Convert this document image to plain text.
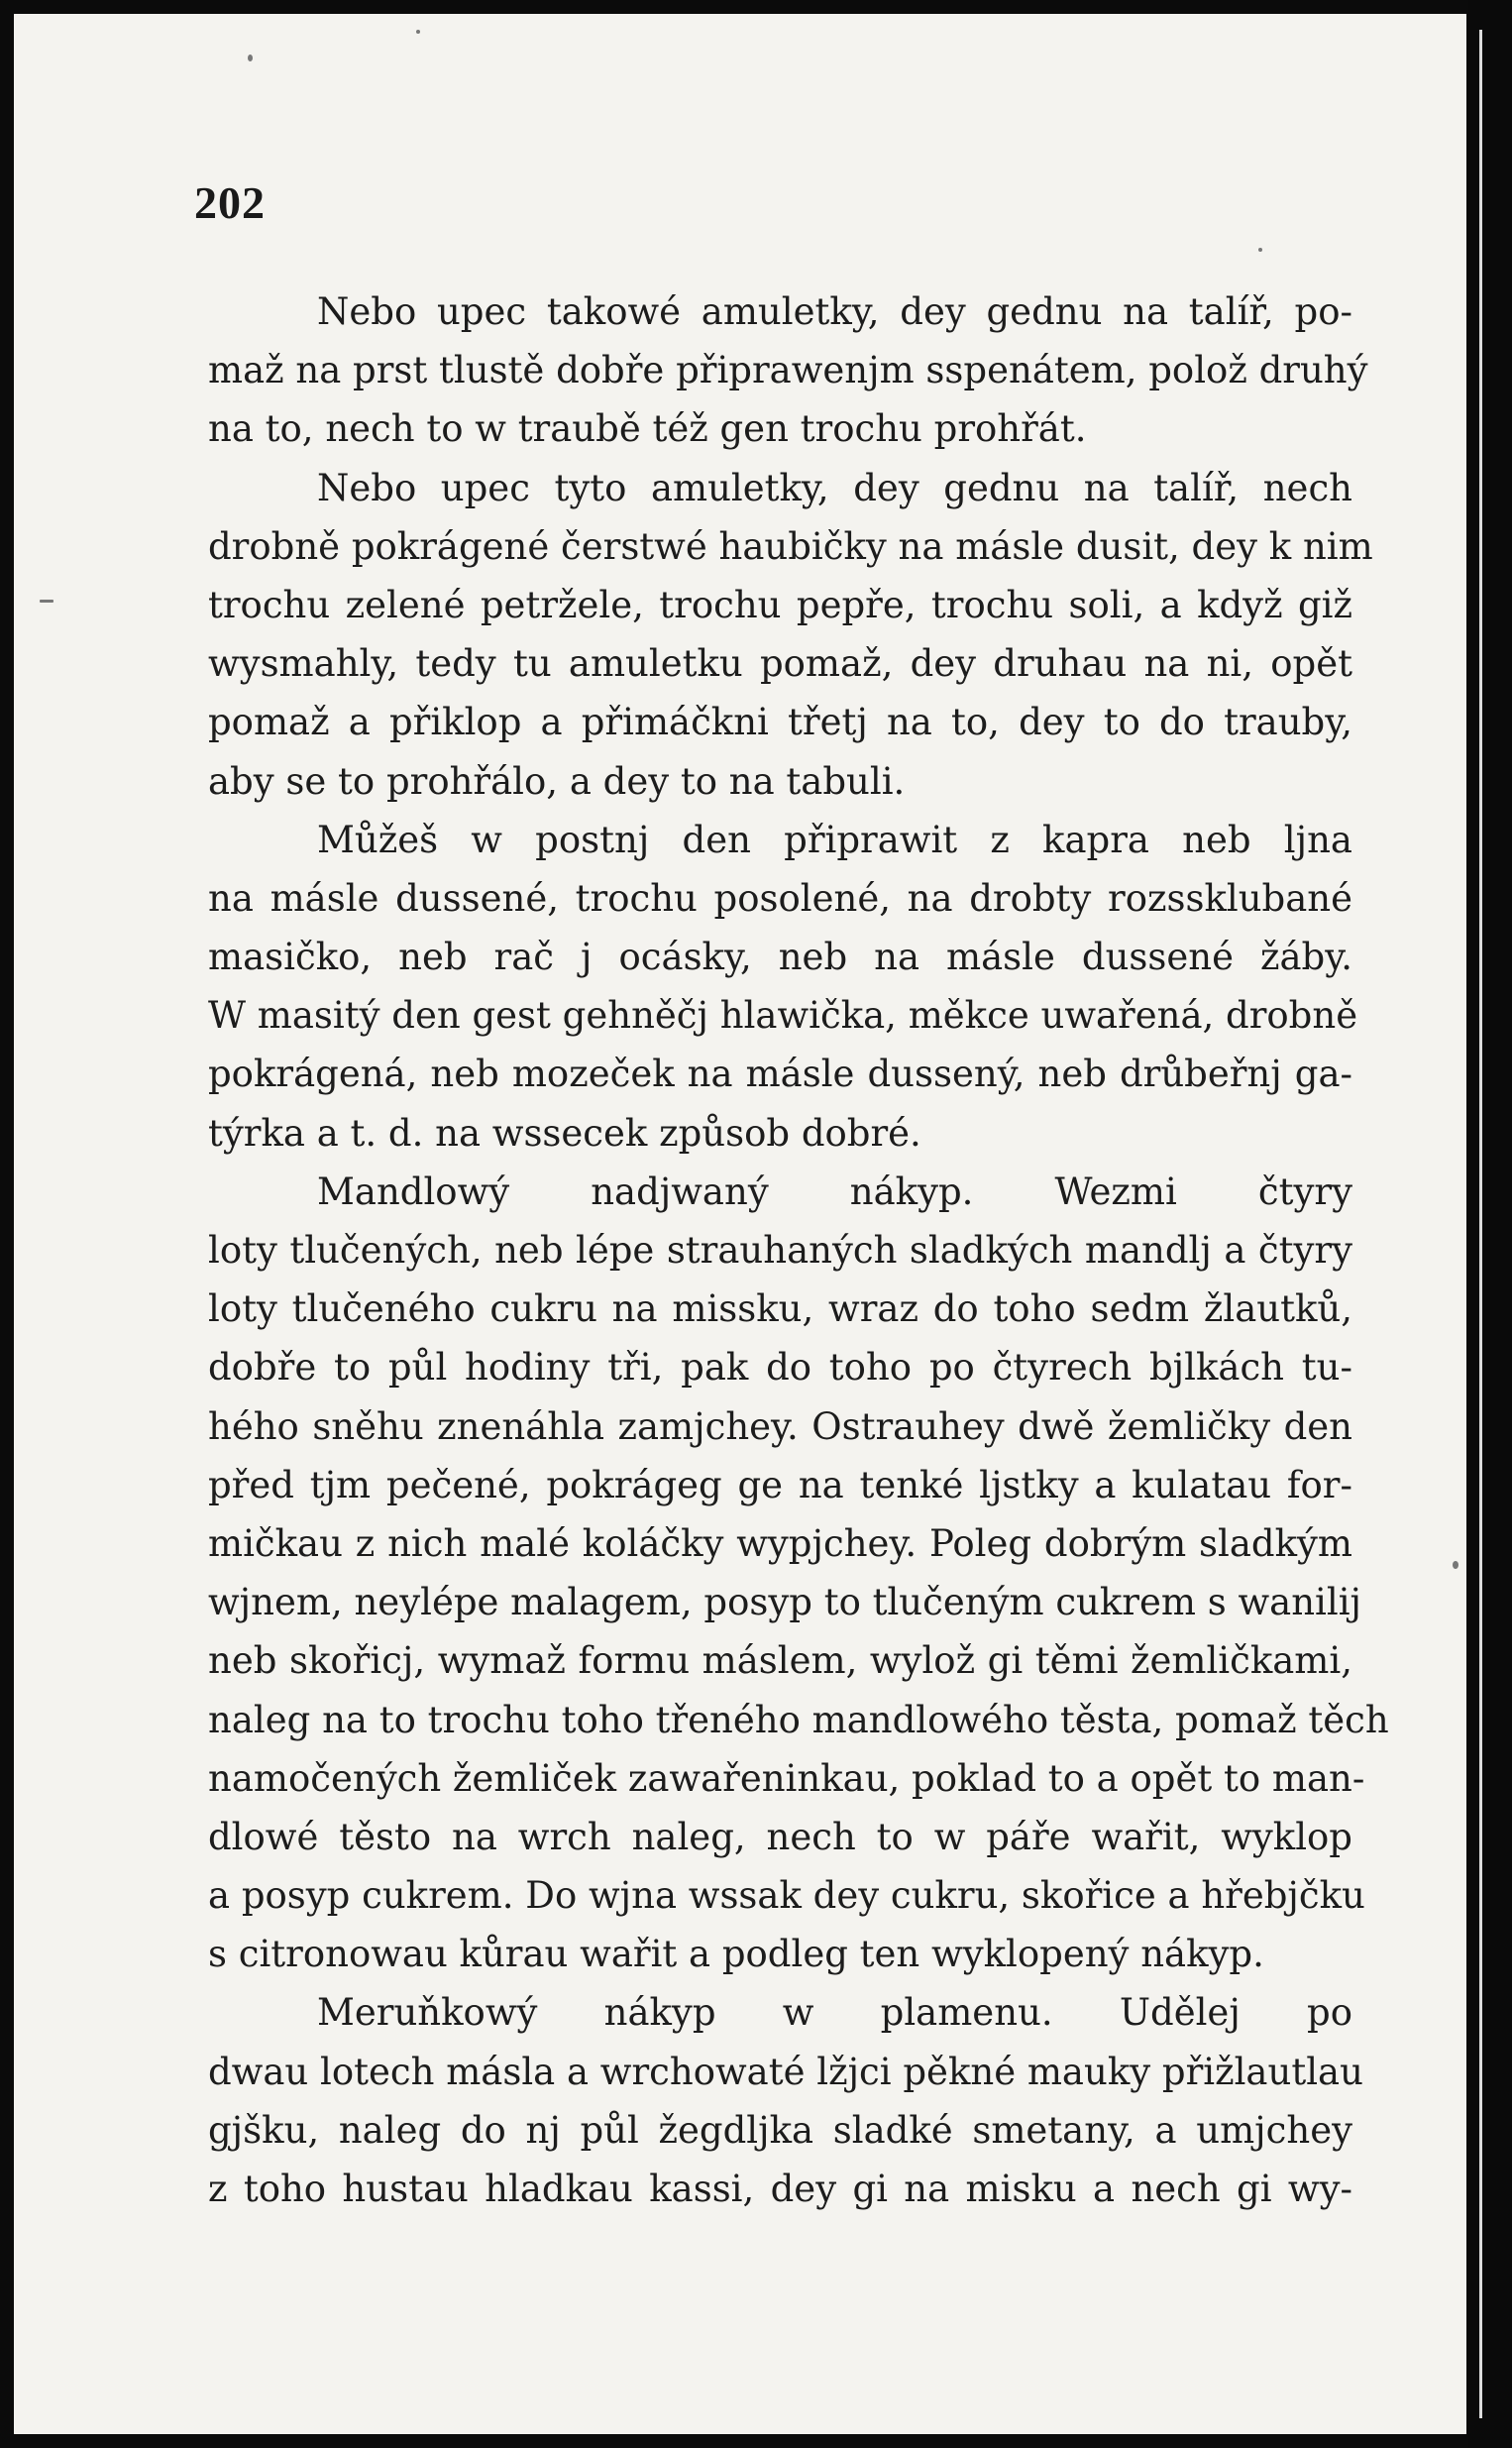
202
Nebo upec takowé amuletky, dey gednu na talíř, po-
maž na prst tlustě dobře připrawenjm sspenátem, polož druhý
na to, nech to w traubě též gen trochu prohřát.
Nebo upec tyto amuletky, dey gednu na talíř, nech
drobně pokrágené čerstwé haubičky na másle dusit, dey k nim
trochu zelené petržele, trochu pepře, trochu soli, a když giž
wysmahly, tedy tu amuletku pomaž, dey druhau na ni, opět
pomaž a přiklop a přimáčkni třetj na to, dey to do trauby,
aby se to prohřálo, a dey to na tabuli.
Můžeš w postnj den připrawit z kapra neb ljna
na másle dussené, trochu posolené, na drobty rozssklubané
masičko, neb rač j ocásky, neb na másle dussené žáby.
W masitý den gest gehněčj hlawička, měkce uwařená, drobně
pokrágená, neb mozeček na másle dussený, neb drůbeřnj ga-
týrka a t. d. na wssecek způsob dobré.
Mandlowý nadjwaný nákyp. Wezmi čtyry
loty tlučených, neb lépe strauhaných sladkých mandlj a čtyry
loty tlučeného cukru na missku, wraz do toho sedm žlautků,
dobře to půl hodiny tři, pak do toho po čtyrech bjlkách tu-
hého sněhu znenáhla zamjchey. Ostrauhey dwě žemličky den
před tjm pečené, pokrágeg ge na tenké ljstky a kulatau for-
mičkau z nich malé koláčky wypjchey. Poleg dobrým sladkým
wjnem, neylépe malagem, posyp to tlučeným cukrem s wanilij
neb skořicj, wymaž formu máslem, wylož gi těmi žemličkami,
naleg na to trochu toho třeného mandlowého těsta, pomaž těch
namočených žemliček zawařeninkau, poklad to a opět to man-
dlowé těsto na wrch naleg, nech to w páře wařit, wyklop
a posyp cukrem. Do wjna wssak dey cukru, skořice a hřebjčku
s citronowau kůrau wařit a podleg ten wyklopený nákyp.
Meruňkowý nákyp w plamenu. Udělej po
dwau lotech másla a wrchowaté lžjci pěkné mauky přižlautlau
gjšku, naleg do nj půl žegdljka sladké smetany, a umjchey
z toho hustau hladkau kassi, dey gi na misku a nech gi wy-
